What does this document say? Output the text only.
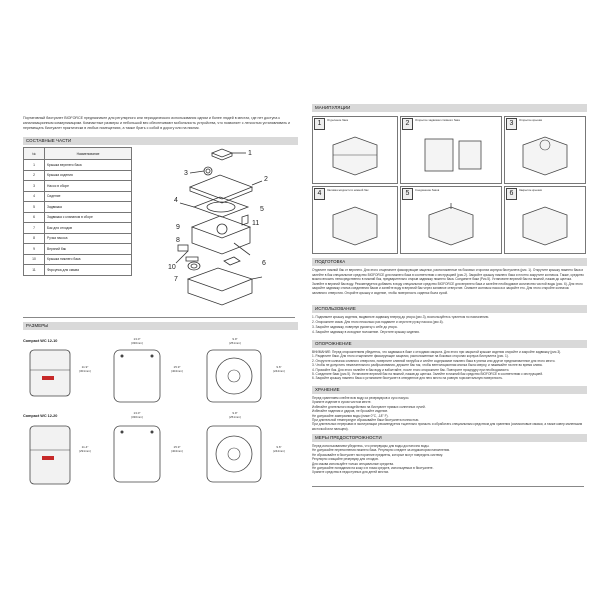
Портативный биотуалет BIOFORCE предназначен для регулярного или периодического использования одним и более людей в местах, где нет доступа к канализационным коммуникациям. Компактные размеры и небольшой вес обеспечивают мобильность устройства, что позволяет с легкостью устанавливать и перемещать биотуалет практически в любых помещениях, а также брать с собой в дорогу или на пикник.
СОСТАВНЫЕ ЧАСТИ
№	Наименование
1	Крышка верхнего бака
2	Крышка сидения
3	Насос в сборе
4	Сидение
5	Задвижка
6	Задвижка с клапаном в сборе
7	Бак для отходов
8	Ручка насоса
9	Верхний бак
10	Крышка нижнего бака
11	Форсунка для смыва
1
2
3
4
5
6
7
8
9
10
11
РАЗМЕРЫ
Compact WC 12-10
11.9"
(301mm)
13.0"
(330mm)
15.9"
(404mm)
9.9"
(251mm)
9.6"
(244mm)
Compact WC 12-20
11.4"
(291mm)
13.0"
(330mm)
15.9"
(404mm)
9.9"
(251mm)
9.6"
(244mm)
МАНИПУЛЯЦИИ
1	Отделение бака	2	Открытие задвижки сливного бака	3	Открытие крышки
4	Заливка жидкости в нижний бак	5	Соединение баков	6	Закрытие крышки
ПОДГОТОВКА
Отделите нижний бак от верхнего. Для этого отщелкните фиксирующие защелки, расположенные на боковых сторонах корпуса биотуалета (рис. 1). Открутите крышку нижнего бака и залейте в бак специальное средство BIOFORCE для нижнего бака в соответствии с инструкцией (рис.2). Закройте крышку нижнего бака и плотно закрутите колпачок. Также, средство можно вносить непосредственно в нижний бак, предварительно открыв задвижку нижнего бака. Соедините баки (Рис.5). Установите верхний бак на нижний, нажав до щелчка. Залейте в верхний бак воду. Рекомендуется добавить в воду специальное средство BIOFORCE для верхнего бака и залейте необходимое количество чистой воды (рис. 6). Для этого закройте задвижку отсека соединения баков и залейте воду в верхний бак через заливное отверстие. Снимите колпачок насоса и закройте его. Для этого откройте колпачок заливного отверстия. Откройте крышку и сидение, чтобы поверхность сиденья была сухой.
ИСПОЛЬЗОВАНИЕ
1. Поднимите крышку сидения, выдвиньте задвижку вперед до упора (рис.3), воспользуйтесь туалетом по назначению.
2. Опорожните смыв. Для этого несколько раз надавите и опустите ручку насоса (рис.6).
3. Закройте задвижку, повернув рукоятку к себе до упора.
4. Закройте задвижку в исходное положение. Опустите крышку сидения.
ОПОРОЖНЕНИЕ
ВНИМАНИЕ: Перед опорожнением убедитесь, что задвижка в баке с отходами закрыта. Для этого при закрытой крышке сидения откройте и закройте задвижку (рис.3).
1. Разделите баки. Для этого отщелкните фиксирующие защелки, расположенные на боковых сторонах корпуса биотуалета (рис. 1).
2. Открутите колпачок сливного отверстия, поверните сливной патрубок и слейте содержимое нижнего бака в унитаз или другое предназначенное для этого место.
3. Чтобы не допустить нежелательного разбрызгивания, держите бак так, чтобы вентиляционная кнопка была сверху, и нажимайте на нее во время слива.
4. Промойте бак. Для этого налейте в бак воду и взболтайте, после этого опорожните бак. Повторите процедуру при необходимости.
5. Соедините баки (рис.5). Установите верхний бак на нижний, нажав до щелчка. Залейте в нижний бак средство BIOFORCE в соответствии с инструкцией.
6. Закройте крышку нижнего бака и установите биотуалет в отведенное для него место на ровную горизонтальную поверхность.
ХРАНЕНИЕ
Перед хранением слейте всю воду из резервуаров и сухо насухо.
Храните изделие в сухом чистом месте.
Избегайте длительного воздействия на биотуалет прямых солнечных лучей.
Избегайте падения и ударов, не бросайте изделие.
Не допускайте замерзания воды (ниже 0°С, -18° F).
При длительной температуре сбрасывайте баки биотуалета полностью.
При длительных перерывах в эксплуатации рекомендуется тщательно промыть и обработать специальным средством для хранения (силиконовые смазки, а также ковер маленьким кисточкой или пальцем).
МЕРЫ ПРЕДОСТОРОЖНОСТИ
Перед использованием убедитесь, что резервуары для воды достаточно воды.
Не допускайте переполнения нижнего бака. Регулярно следите за индикатором наполнения.
Не сбрасывайте в биотуалет посторонние предметы, которые могут повредить систему.
Регулярно очищайте резервуар для отходов.
Для смыва используйте только специальные средства.
Не допускайте попадания на кожу и в глаза средств, используемых в биотуалете.
Храните средства в недоступных для детей местах.
